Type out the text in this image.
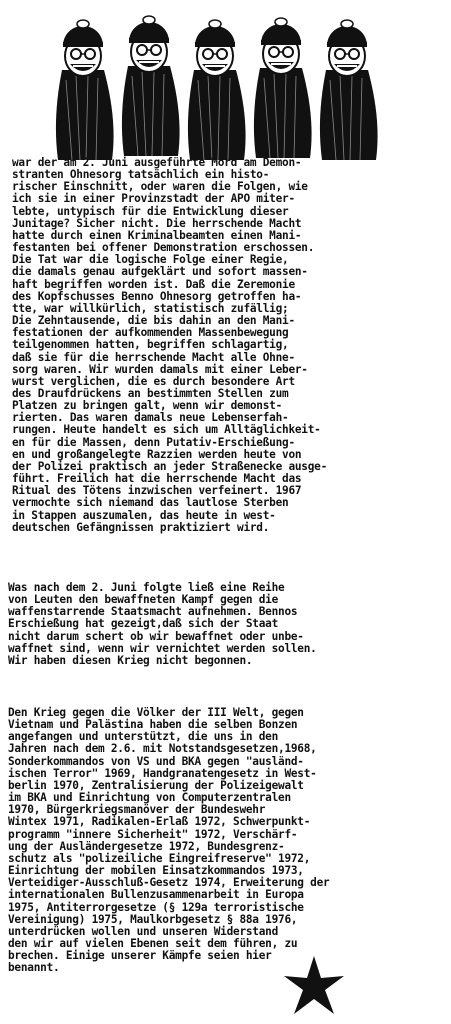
war der am 2. Juni ausgeführte Mord am Demon-
stranten Ohnesorg tatsächlich ein histo-
rischer Einschnitt, oder waren die Folgen, wie
ich sie in einer Provinzstadt der APO miter-
lebte, untypisch für die Entwicklung dieser
Junitage? Sicher nicht. Die herrschende Macht
hatte durch einen Kriminalbeamten einen Mani-
festanten bei offener Demonstration erschossen.
Die Tat war die logische Folge einer Regie,
die damals genau aufgeklärt und sofort massen-
haft begriffen worden ist. Daß die Zeremonie
des Kopfschusses Benno Ohnesorg getroffen ha-
tte, war willkürlich, statistisch zufällig;
Die Zehntausende, die bis dahin an den Mani-
festationen der aufkommenden Massenbewegung
teilgenommen hatten, begriffen schlagartig,
daß sie für die herrschende Macht alle Ohne-
sorg waren. Wir wurden damals mit einer Leber-
wurst verglichen, die es durch besondere Art
des Draufdrückens an bestimmten Stellen zum
Platzen zu bringen galt, wenn wir demonst-
rierten. Das waren damals neue Lebenserfah-
rungen. Heute handelt es sich um Alltäglichkeit-
en für die Massen, denn Putativ-Erschießung-
en und großangelegte Razzien werden heute von
der Polizei praktisch an jeder Straßenecke ausge-
führt. Freilich hat die herrschende Macht das
Ritual des Tötens inzwischen verfeinert. 1967
vermochte sich niemand das lautlose Sterben
in Stappen auszumalen, das heute in west-
deutschen Gefängnissen praktiziert wird.
Was nach dem 2. Juni folgte ließ eine Reihe
von Leuten den bewaffneten Kampf gegen die
waffenstarrende Staatsmacht aufnehmen. Bennos
Erschießung hat gezeigt,daß sich der Staat
nicht darum schert ob wir bewaffnet oder unbe-
waffnet sind, wenn wir vernichtet werden sollen.
Wir haben diesen Krieg nicht begonnen.
Den Krieg gegen die Völker der III Welt, gegen
Vietnam und Palästina haben die selben Bonzen
angefangen und unterstützt, die uns in den
Jahren nach dem 2.6. mit Notstandsgesetzen,1968,
Sonderkommandos von VS und BKA gegen "ausländ-
ischen Terror" 1969, Handgranatengesetz in West-
berlin 1970, Zentralisierung der Polizeigewalt
im BKA und Einrichtung von Computerzentralen
1970, Bürgerkriegsmanöver der Bundeswehr
Wintex 1971, Radikalen-Erlaß 1972, Schwerpunkt-
programm "innere Sicherheit" 1972, Verschärf-
ung der Ausländergesetze 1972, Bundesgrenz-
schutz als "polizeiliche Eingreifreserve" 1972,
Einrichtung der mobilen Einsatzkommandos 1973,
Verteidiger-Ausschluß-Gesetz 1974, Erweiterung der
internationalen Bullenzusammenarbeit in Europa
1975, Antiterrorgesetze (§ 129a terroristische
Vereinigung) 1975, Maulkorbgesetz § 88a 1976,
unterdrücken wollen und unseren Widerstand
den wir auf vielen Ebenen seit dem führen, zu
brechen. Einige unserer Kämpfe seien hier
benannt.
